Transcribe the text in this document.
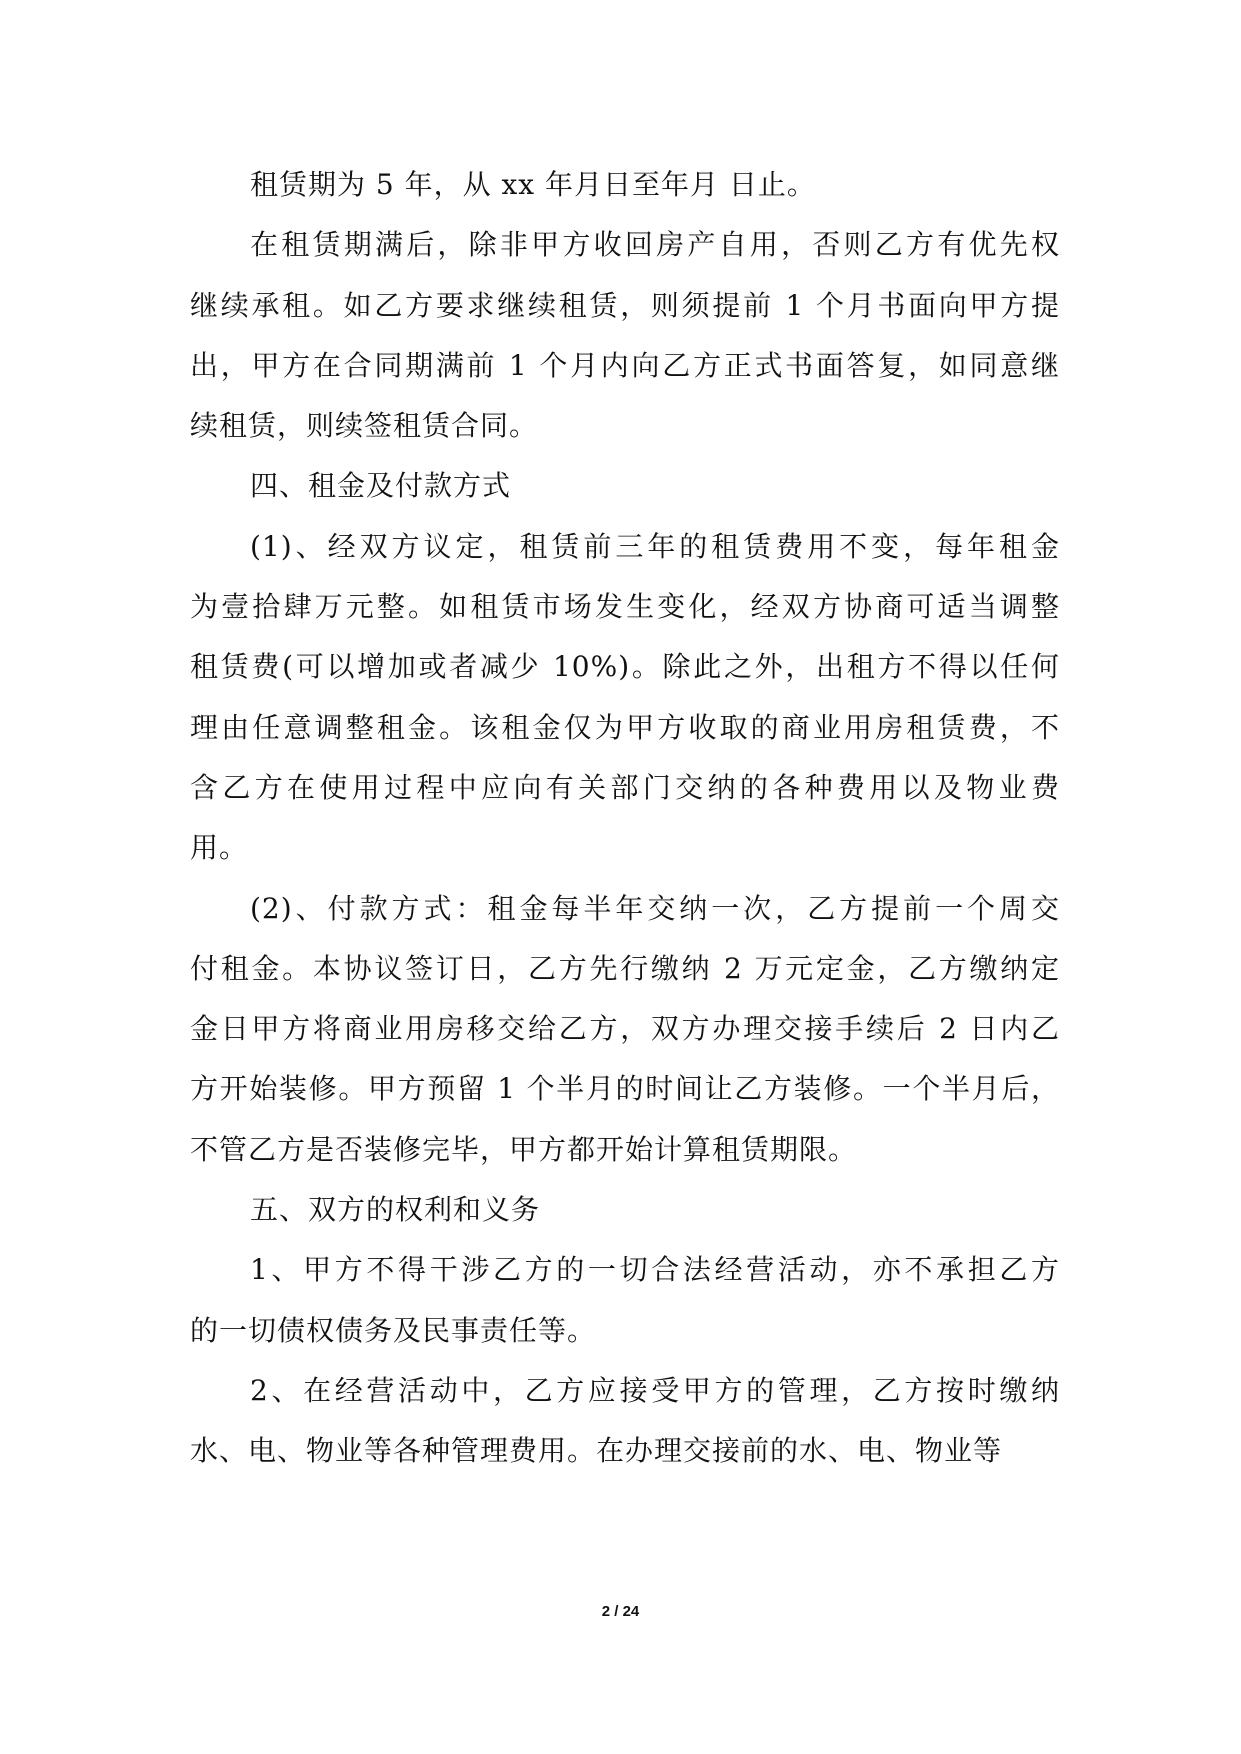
租赁期为 5 年，从 xx 年月日至年月 日止。
在租赁期满后，除非甲方收回房产自用，否则乙方有优先权
继续承租。如乙方要求继续租赁，则须提前 1 个月书面向甲方提
出，甲方在合同期满前 1 个月内向乙方正式书面答复，如同意继
续租赁，则续签租赁合同。
四、租金及付款方式
(1)、经双方议定，租赁前三年的租赁费用不变，每年租金
为壹拾肆万元整。如租赁市场发生变化，经双方协商可适当调整
租赁费(可以增加或者减少 10%)。除此之外，出租方不得以任何
理由任意调整租金。该租金仅为甲方收取的商业用房租赁费，不
含乙方在使用过程中应向有关部门交纳的各种费用以及物业费
用。
(2)、付款方式：租金每半年交纳一次，乙方提前一个周交
付租金。本协议签订日，乙方先行缴纳 2 万元定金，乙方缴纳定
金日甲方将商业用房移交给乙方，双方办理交接手续后 2 日内乙
方开始装修。甲方预留 1 个半月的时间让乙方装修。一个半月后，
不管乙方是否装修完毕，甲方都开始计算租赁期限。
五、双方的权利和义务
1、甲方不得干涉乙方的一切合法经营活动，亦不承担乙方
的一切债权债务及民事责任等。
2、在经营活动中，乙方应接受甲方的管理，乙方按时缴纳
水、电、物业等各种管理费用。在办理交接前的水、电、物业等
2 / 24
